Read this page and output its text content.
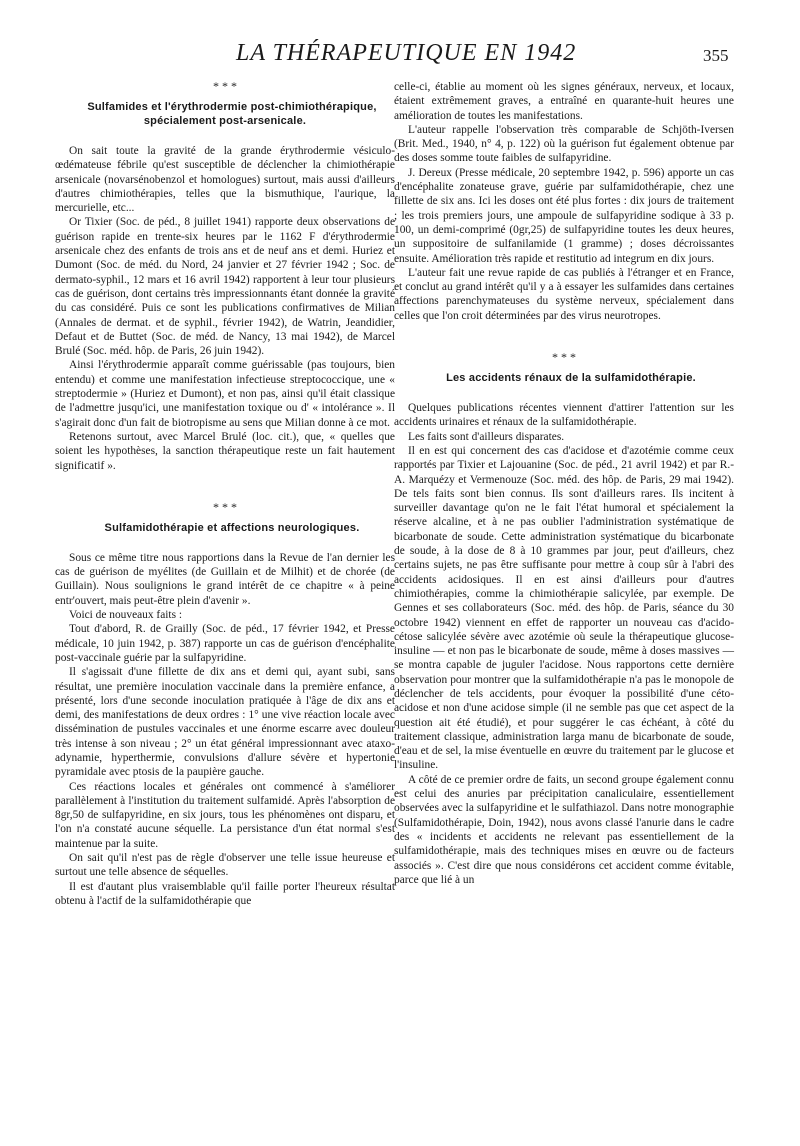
LA THÉRAPEUTIQUE EN 1942	355
* * *

Sulfamides et l'érythrodermie post-chimiothérapique, spécialement post-arsenicale.

On sait toute la gravité de la grande érythrodermie vésiculo-œdémateuse fébrile qu'est susceptible de déclencher la chimiothérapie arsenicale (novarsénobenzol et homologues) surtout, mais aussi d'ailleurs d'autres chimiothérapies, telles que la bismuthique, l'aurique, la mercurielle, etc...

Or Tixier (Soc. de péd., 8 juillet 1941) rapporte deux observations de guérison rapide en trente-six heures par le 1162 F d'érythrodermie arsenicale chez des enfants de trois ans et de neuf ans et demi. Huriez et Dumont (Soc. de méd. du Nord, 24 janvier et 27 février 1942 ; Soc. de dermato-syphil., 12 mars et 16 avril 1942) rapportent à leur tour plusieurs cas de guérison, dont certains très impressionnants étant donnée la gravité du cas considéré. Puis ce sont les publications confirmatives de Milian (Annales de dermat. et de syphil., février 1942), de Watrin, Jeandidier, Defaut et de Buttet (Soc. de méd. de Nancy, 13 mai 1942), de Marcel Brulé (Soc. méd. hôp. de Paris, 26 juin 1942).

Ainsi l'érythrodermie apparaît comme guérissable (pas toujours, bien entendu) et comme une manifestation infectieuse streptococcique, une « streptodermie » (Huriez et Dumont), et non pas, ainsi qu'il était classique de l'admettre jusqu'ici, une manifestation toxique ou d' « intolérance ». Il s'agirait donc d'un fait de biotropisme au sens que Milian donne à ce mot.

Retenons surtout, avec Marcel Brulé (loc. cit.), que, « quelles que soient les hypothèses, la sanction thérapeutique reste un fait hautement significatif ».

* * *

Sulfamidothérapie et affections neurologiques.

Sous ce même titre nous rapportions dans la Revue de l'an dernier les cas de guérison de myélites (de Guillain et de Milhit) et de chorée (de Guillain). Nous soulignions le grand intérêt de ce chapitre « à peine entr'ouvert, mais peut-être plein d'avenir ».

Voici de nouveaux faits :

Tout d'abord, R. de Grailly (Soc. de péd., 17 février 1942, et Presse médicale, 10 juin 1942, p. 387) rapporte un cas de guérison d'encéphalite post-vaccinale guérie par la sulfapyridine.

Il s'agissait d'une fillette de dix ans et demi qui, ayant subi, sans résultat, une première inoculation vaccinale dans la première enfance, a présenté, lors d'une seconde inoculation pratiquée à l'âge de dix ans et demi, des manifestations de deux ordres : 1° une vive réaction locale avec dissémination de pustules vaccinales et une énorme escarre avec douleur très intense à son niveau ; 2° un état général impressionnant avec ataxo-adynamie, hyperthermie, convulsions d'allure sévère et hypertonie pyramidale avec ptosis de la paupière gauche.

Ces réactions locales et générales ont commencé à s'améliorer parallèlement à l'institution du traitement sulfamidé. Après l'absorption de 8gr,50 de sulfapyridine, en six jours, tous les phénomènes ont disparu, et l'on n'a constaté aucune séquelle. La persistance d'un état normal s'est maintenue par la suite.

On sait qu'il n'est pas de règle d'observer une telle issue heureuse et surtout une telle absence de séquelles.

Il est d'autant plus vraisemblable qu'il faille porter l'heureux résultat obtenu à l'actif de la sulfamidothérapie que

celle-ci, établie au moment où les signes généraux, nerveux, et locaux, étaient extrêmement graves, a entraîné en quarante-huit heures une amélioration de toutes les manifestations.

L'auteur rappelle l'observation très comparable de Schjöth-Iversen (Brit. Med., 1940, n° 4, p. 122) où la guérison fut également obtenue par des doses somme toute faibles de sulfapyridine.

J. Dereux (Presse médicale, 20 septembre 1942, p. 596) apporte un cas d'encéphalite zonateuse grave, guérie par sulfamidothérapie, chez une fillette de six ans. Ici les doses ont été plus fortes : dix jours de traitement ; les trois premiers jours, une ampoule de sulfapyridine sodique à 33 p. 100, un demi-comprimé (0gr,25) de sulfapyridine toutes les deux heures, un suppositoire de sulfanilamide (1 gramme) ; doses décroissantes ensuite. Amélioration très rapide et restitutio ad integrum en dix jours.

L'auteur fait une revue rapide de cas publiés à l'étranger et en France, et conclut au grand intérêt qu'il y a à essayer les sulfamides dans certaines affections parenchymateuses du système nerveux, spécialement dans celles que l'on croit déterminées par des virus neurotropes.

* * *

Les accidents rénaux de la sulfamidothérapie.

Quelques publications récentes viennent d'attirer l'attention sur les accidents urinaires et rénaux de la sulfamidothérapie.

Les faits sont d'ailleurs disparates.

Il en est qui concernent des cas d'acidose et d'azotémie comme ceux rapportés par Tixier et Lajouanine (Soc. de péd., 21 avril 1942) et par R.-A. Marquézy et Vermenouze (Soc. méd. des hôp. de Paris, 29 mai 1942). De tels faits sont bien connus. Ils sont d'ailleurs rares. Ils incitent à surveiller davantage qu'on ne le fait l'état humoral et spécialement la réserve alcaline, et à ne pas oublier l'administration systématique de bicarbonate de soude. Cette administration systématique du bicarbonate de soude, à la dose de 8 à 10 grammes par jour, peut d'ailleurs, chez certains sujets, ne pas être suffisante pour mettre à coup sûr à l'abri des accidents acidosiques. Il en est ainsi d'ailleurs pour d'autres chimiothérapies, comme la chimiothérapie salicylée, par exemple. De Gennes et ses collaborateurs (Soc. méd. des hôp. de Paris, séance du 30 octobre 1942) viennent en effet de rapporter un nouveau cas d'acido-cétose salicylée sévère avec azotémie où seule la thérapeutique glucose-insuline — et non pas le bicarbonate de soude, même à doses massives — se montra capable de juguler l'acidose. Nous rapportons cette dernière observation pour montrer que la sulfamidothérapie n'a pas le monopole de déclencher de tels accidents, pour évoquer la possibilité d'une céto-acidose et non d'une acidose simple (il ne semble pas que cet aspect de la question ait été étudié), et pour suggérer le cas échéant, à côté du traitement classique, administration larga manu de bicarbonate de soude, d'eau et de sel, la mise éventuelle en œuvre du traitement par le glucose et l'insuline.

A côté de ce premier ordre de faits, un second groupe également connu est celui des anuries par précipitation canaliculaire, essentiellement observées avec la sulfapyridine et le sulfathiazol. Dans notre monographie (Sulfamidothérapie, Doin, 1942), nous avons classé l'anurie dans le cadre des « incidents et accidents ne relevant pas essentiellement de la sulfamidothérapie, mais des techniques mises en œuvre ou de facteurs associés ». C'est dire que nous considérons cet accident comme évitable, parce que lié à un
